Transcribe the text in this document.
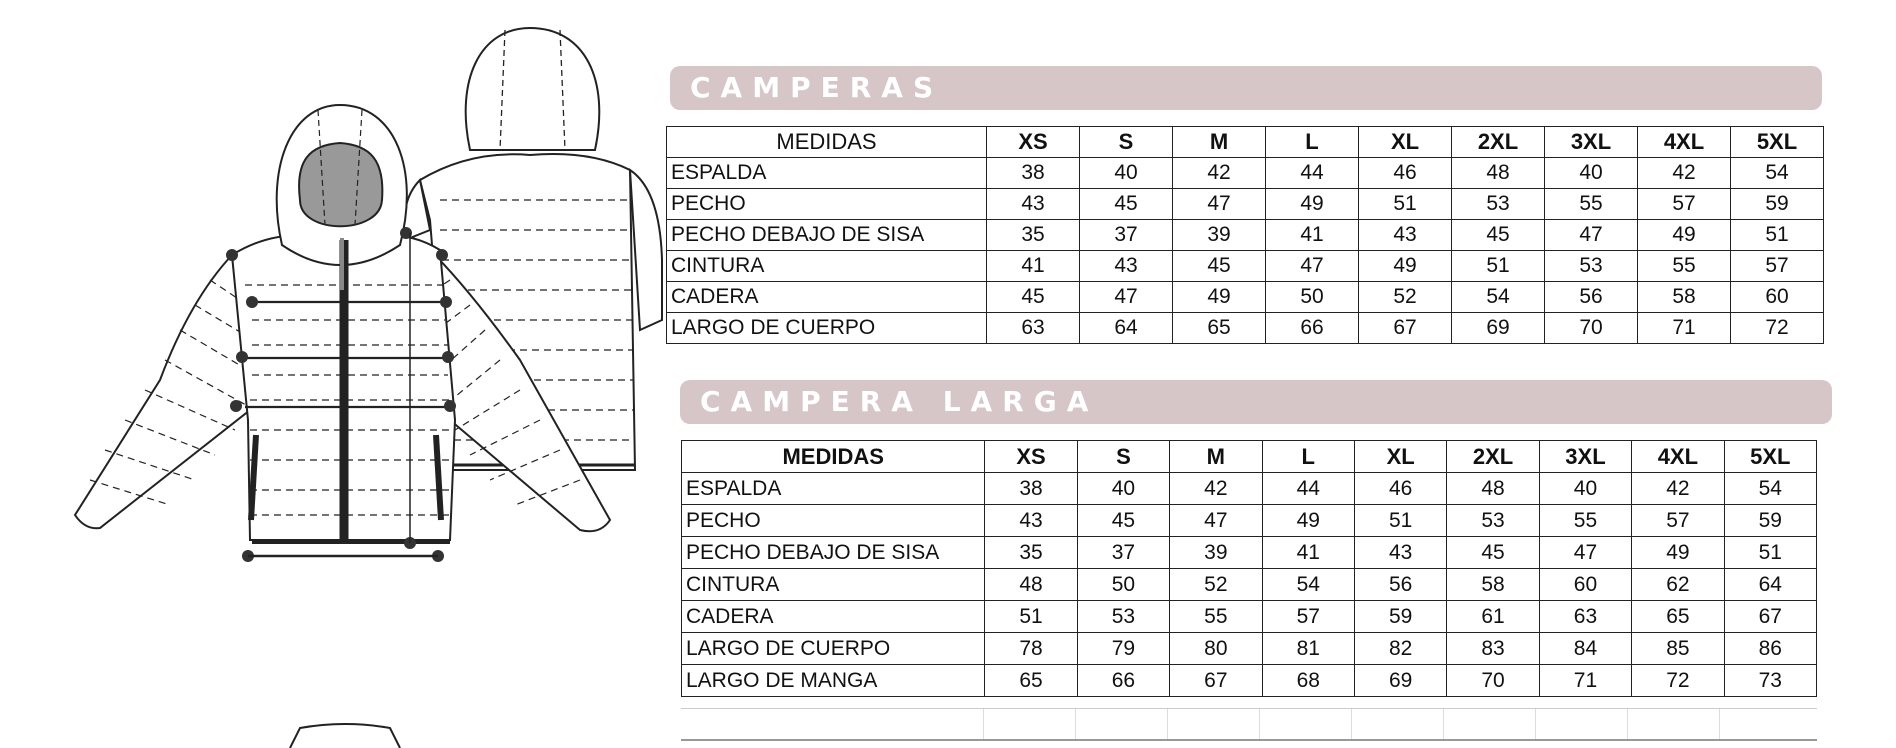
CAMPERAS
MEDIDAS	XS	S	M	L	XL	2XL	3XL	4XL	5XL
ESPALDA	38	40	42	44	46	48	40	42	54
PECHO	43	45	47	49	51	53	55	57	59
PECHO DEBAJO DE SISA	35	37	39	41	43	45	47	49	51
CINTURA	41	43	45	47	49	51	53	55	57
CADERA	45	47	49	50	52	54	56	58	60
LARGO DE CUERPO	63	64	65	66	67	69	70	71	72
CAMPERA LARGA
MEDIDAS	XS	S	M	L	XL	2XL	3XL	4XL	5XL
ESPALDA	38	40	42	44	46	48	40	42	54
PECHO	43	45	47	49	51	53	55	57	59
PECHO DEBAJO DE SISA	35	37	39	41	43	45	47	49	51
CINTURA	48	50	52	54	56	58	60	62	64
CADERA	51	53	55	57	59	61	63	65	67
LARGO DE CUERPO	78	79	80	81	82	83	84	85	86
LARGO DE MANGA	65	66	67	68	69	70	71	72	73
